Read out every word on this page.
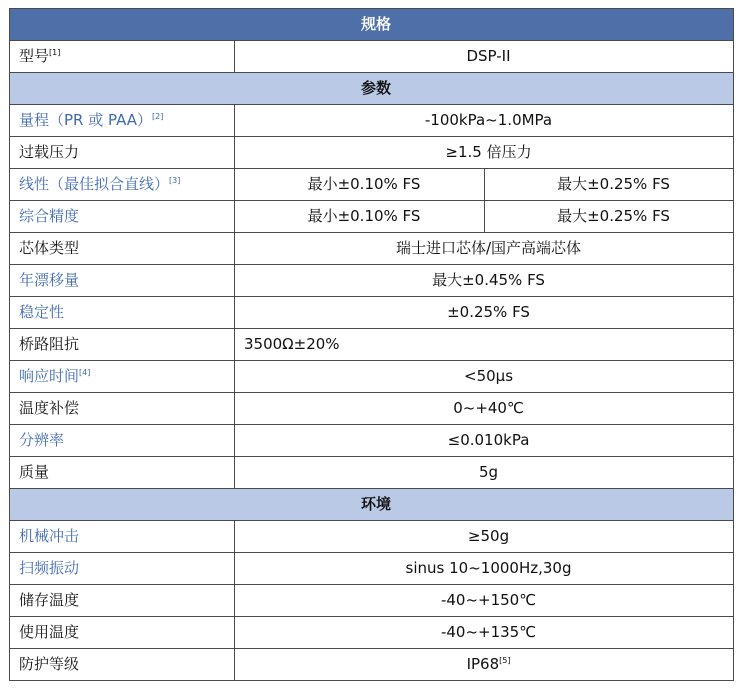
规格		
型号[1]	DSP-II	
参数		
量程（PR 或 PAA）[2]	-100kPa~1.0MPa	
过载压力	≥1.5 倍压力	
线性（最佳拟合直线）[3]	最小±0.10% FS	最大±0.25% FS
综合精度	最小±0.10% FS	最大±0.25% FS
芯体类型	瑞士进口芯体/国产高端芯体	
年漂移量	最大±0.45% FS	
稳定性	±0.25% FS	
桥路阻抗	3500Ω±20%	
响应时间[4]	<50μs	
温度补偿	0~+40℃	
分辨率	≤0.010kPa	
质量	5g	
环境		
机械冲击	≥50g	
扫频振动	sinus 10~1000Hz,30g	
储存温度	-40~+150℃	
使用温度	-40~+135℃	
防护等级	IP68[5]
